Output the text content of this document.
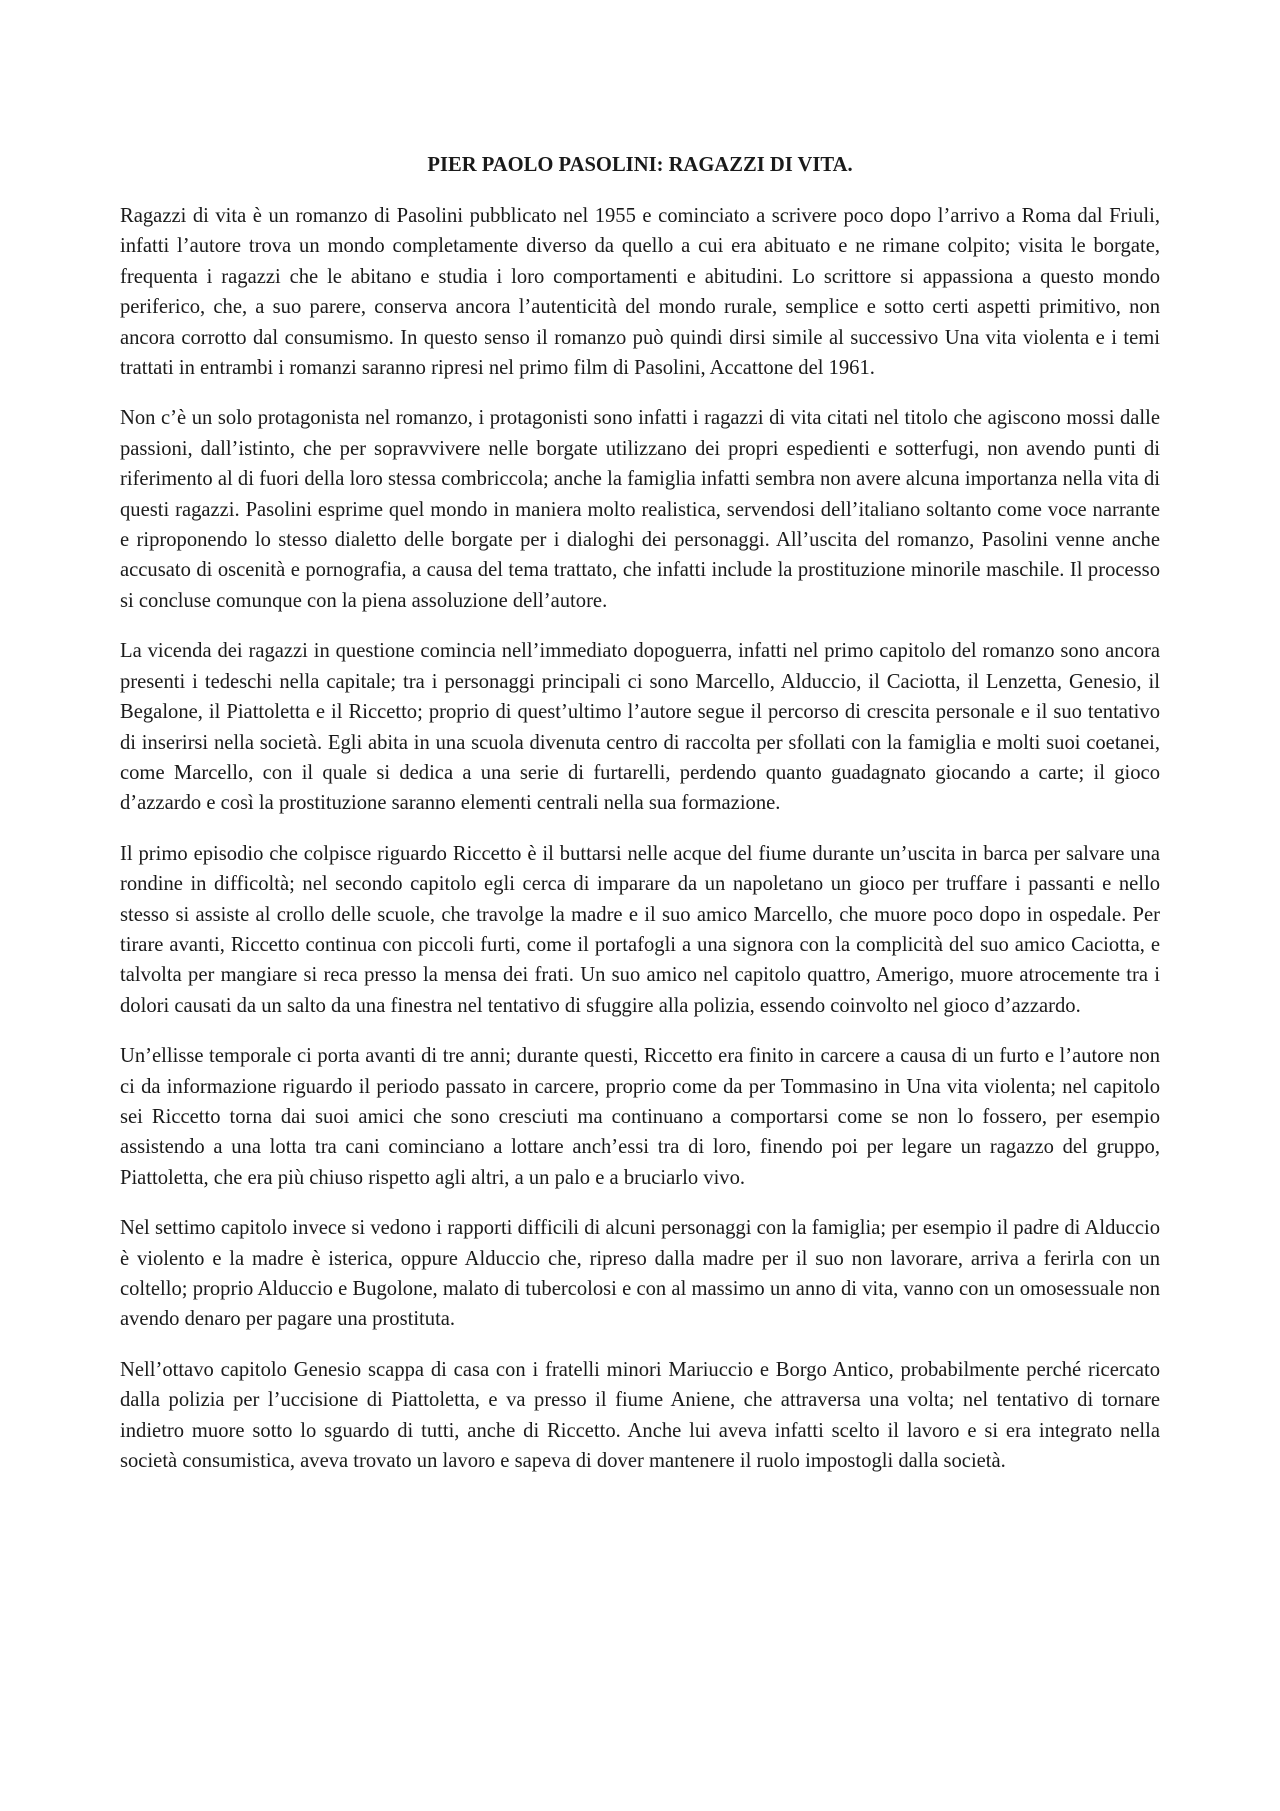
PIER PAOLO PASOLINI: RAGAZZI DI VITA.

Ragazzi di vita è un romanzo di Pasolini pubblicato nel 1955 e cominciato a scrivere poco dopo l’arrivo a Roma dal Friuli, infatti l’autore trova un mondo completamente diverso da quello a cui era abituato e ne rimane colpito; visita le borgate, frequenta i ragazzi che le abitano e studia i loro comportamenti e abitudini. Lo scrittore si appassiona a questo mondo periferico, che, a suo parere, conserva ancora l’autenticità del mondo rurale, semplice e sotto certi aspetti primitivo, non ancora corrotto dal consumismo. In questo senso il romanzo può quindi dirsi simile al successivo Una vita violenta e i temi trattati in entrambi i romanzi saranno ripresi nel primo film di Pasolini, Accattone del 1961.

Non c’è un solo protagonista nel romanzo, i protagonisti sono infatti i ragazzi di vita citati nel titolo che agiscono mossi dalle passioni, dall’istinto, che per sopravvivere nelle borgate utilizzano dei propri espedienti e sotterfugi, non avendo punti di riferimento al di fuori della loro stessa combriccola; anche la famiglia infatti sembra non avere alcuna importanza nella vita di questi ragazzi. Pasolini esprime quel mondo in maniera molto realistica, servendosi dell’italiano soltanto come voce narrante e riproponendo lo stesso dialetto delle borgate per i dialoghi dei personaggi. All’uscita del romanzo, Pasolini venne anche accusato di oscenità e pornografia, a causa del tema trattato, che infatti include la prostituzione minorile maschile. Il processo si concluse comunque con la piena assoluzione dell’autore.

La vicenda dei ragazzi in questione comincia nell’immediato dopoguerra, infatti nel primo capitolo del romanzo sono ancora presenti i tedeschi nella capitale; tra i personaggi principali ci sono Marcello, Alduccio, il Caciotta, il Lenzetta, Genesio, il Begalone, il Piattoletta e il Riccetto; proprio di quest’ultimo l’autore segue il percorso di crescita personale e il suo tentativo di inserirsi nella società. Egli abita in una scuola divenuta centro di raccolta per sfollati con la famiglia e molti suoi coetanei, come Marcello, con il quale si dedica a una serie di furtarelli, perdendo quanto guadagnato giocando a carte; il gioco d’azzardo e così la prostituzione saranno elementi centrali nella sua formazione.

Il primo episodio che colpisce riguardo Riccetto è il buttarsi nelle acque del fiume durante un’uscita in barca per salvare una rondine in difficoltà; nel secondo capitolo egli cerca di imparare da un napoletano un gioco per truffare i passanti e nello stesso si assiste al crollo delle scuole, che travolge la madre e il suo amico Marcello, che muore poco dopo in ospedale. Per tirare avanti, Riccetto continua con piccoli furti, come il portafogli a una signora con la complicità del suo amico Caciotta, e talvolta per mangiare si reca presso la mensa dei frati. Un suo amico nel capitolo quattro, Amerigo, muore atrocemente tra i dolori causati da un salto da una finestra nel tentativo di sfuggire alla polizia, essendo coinvolto nel gioco d’azzardo.

Un’ellisse temporale ci porta avanti di tre anni; durante questi, Riccetto era finito in carcere a causa di un furto e l’autore non ci da informazione riguardo il periodo passato in carcere, proprio come da per Tommasino in Una vita violenta; nel capitolo sei Riccetto torna dai suoi amici che sono cresciuti ma continuano a comportarsi come se non lo fossero, per esempio assistendo a una lotta tra cani cominciano a lottare anch’essi tra di loro, finendo poi per legare un ragazzo del gruppo, Piattoletta, che era più chiuso rispetto agli altri, a un palo e a bruciarlo vivo.

Nel settimo capitolo invece si vedono i rapporti difficili di alcuni personaggi con la famiglia; per esempio il padre di Alduccio è violento e la madre è isterica, oppure Alduccio che, ripreso dalla madre per il suo non lavorare, arriva a ferirla con un coltello; proprio Alduccio e Bugolone, malato di tubercolosi e con al massimo un anno di vita, vanno con un omosessuale non avendo denaro per pagare una prostituta.

Nell’ottavo capitolo Genesio scappa di casa con i fratelli minori Mariuccio e Borgo Antico, probabilmente perché ricercato dalla polizia per l’uccisione di Piattoletta, e va presso il fiume Aniene, che attraversa una volta; nel tentativo di tornare indietro muore sotto lo sguardo di tutti, anche di Riccetto. Anche lui aveva infatti scelto il lavoro e si era integrato nella società consumistica, aveva trovato un lavoro e sapeva di dover mantenere il ruolo impostogli dalla società.
